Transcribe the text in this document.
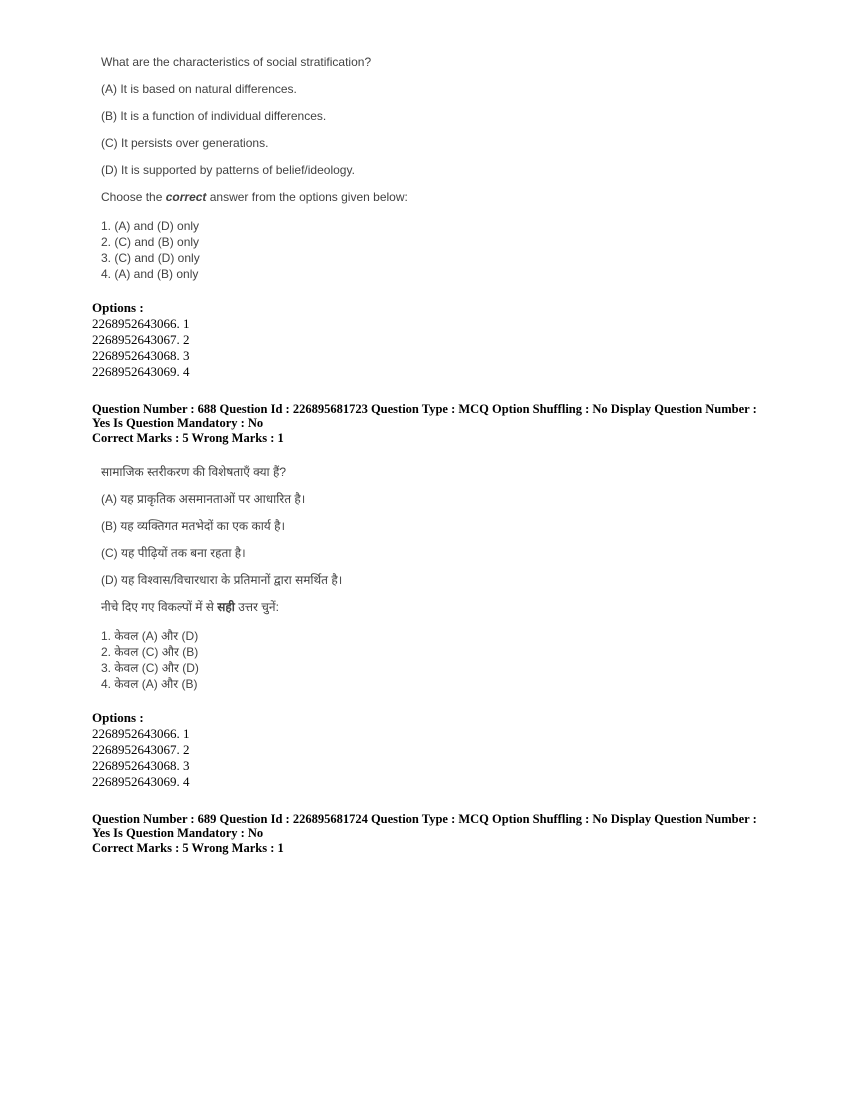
What are the characteristics of social stratification?

(A) It is based on natural differences.

(B) It is a function of individual differences.

(C) It persists over generations.

(D) It is supported by patterns of belief/ideology.

Choose the correct answer from the options given below:

1. (A) and (D) only
2. (C) and (B) only
3. (C) and (D) only
4. (A) and (B) only

Options :

2268952643066. 1

2268952643067. 2

2268952643068. 3

2268952643069. 4

Question Number : 688 Question Id : 226895681723 Question Type : MCQ Option Shuffling : No Display Question Number : Yes Is Question Mandatory : No

Correct Marks : 5 Wrong Marks : 1

सामाजिक स्तरीकरण की विशेषताएँ क्या हैं?

(A) यह प्राकृतिक असमानताओं पर आधारित है।

(B) यह व्यक्तिगत मतभेदों का एक कार्य है।

(C) यह पीढ़ियों तक बना रहता है।

(D) यह विश्वास/विचारधारा के प्रतिमानों द्वारा समर्थित है।

नीचे दिए गए विकल्पों में से सही उत्तर चुनें:

1. केवल (A) और (D)
2. केवल (C) और (B)
3. केवल (C) और (D)
4. केवल (A) और (B)

Options :

2268952643066. 1

2268952643067. 2

2268952643068. 3

2268952643069. 4

Question Number : 689 Question Id : 226895681724 Question Type : MCQ Option Shuffling : No Display Question Number : Yes Is Question Mandatory : No

Correct Marks : 5 Wrong Marks : 1
